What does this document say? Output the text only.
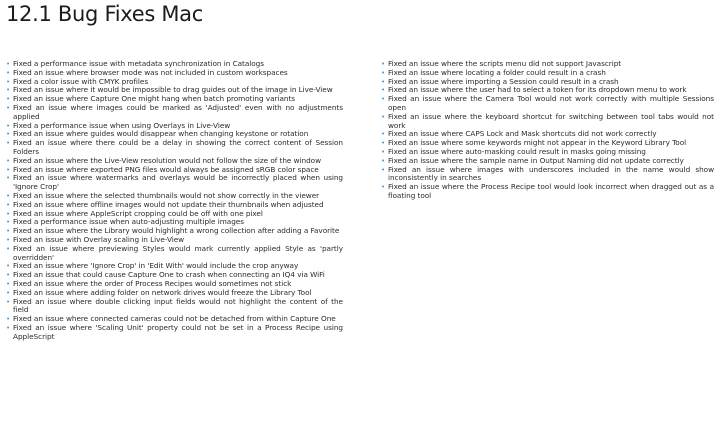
12.1 Bug Fixes Mac
• Fixed a performance issue with metadata synchronization in Catalogs
• Fixed an issue where browser mode was not included in custom workspaces
• Fixed a color issue with CMYK profiles
• Fixed an issue where it would be impossible to drag guides out of the image in Live-View
• Fixed an issue where Capture One might hang when batch promoting variants
• Fixed an issue where images could be marked as 'Adjusted' even with no adjustments applied
• Fixed a performance issue when using Overlays in Live-View
• Fixed an issue where guides would disappear when changing keystone or rotation
• Fixed an issue where there could be a delay in showing the correct content of Session Folders
• Fixed an issue where the Live-View resolution would not follow the size of the window
• Fixed an issue where exported PNG files would always be assigned sRGB color space
• Fixed an issue where watermarks and overlays would be incorrectly placed when using 'Ignore Crop'
• Fixed an issue where the selected thumbnails would not show correctly in the viewer
• Fixed an issue where offline images would not update their thumbnails when adjusted
• Fixed an issue where AppleScript cropping could be off with one pixel
• Fixed a performance issue when auto-adjusting multiple images
• Fixed an issue where the Library would highlight a wrong collection after adding a Favorite
• Fixed an issue with Overlay scaling in Live-View
• Fixed an issue where previewing Styles would mark currently applied Style as 'partly overridden'
• Fixed an issue where 'Ignore Crop' in 'Edit With' would include the crop anyway
• Fixed an issue that could cause Capture One to crash when connecting an IQ4 via WiFi
• Fixed an issue where the order of Process Recipes would sometimes not stick
• Fixed an issue where adding folder on network drives would freeze the Library Tool
• Fixed an issue where double clicking input fields would not highlight the content of the field
• Fixed an issue where connected cameras could not be detached from within Capture One
• Fixed an issue where 'Scaling Unit' property could not be set in a Process Recipe using AppleScript
• Fixed an issue where the scripts menu did not support Javascript
• Fixed an issue where locating a folder could result in a crash
• Fixed an issue where importing a Session could result in a crash
• Fixed an issue where the user had to select a token for its dropdown menu to work
• Fixed an issue where the Camera Tool would not work correctly with multiple Sessions open
• Fixed an issue where the keyboard shortcut for switching between tool tabs would not work
• Fixed an issue where CAPS Lock and Mask shortcuts did not work correctly
• Fixed an issue where some keywords might not appear in the Keyword Library Tool
• Fixed an issue where auto-masking could result in masks going missing
• Fixed an issue where the sample name in Output Naming did not update correctly
• Fixed an issue where images with underscores included in the name would show inconsistently in searches
• Fixed an issue where the Process Recipe tool would look incorrect when dragged out as a floating tool
